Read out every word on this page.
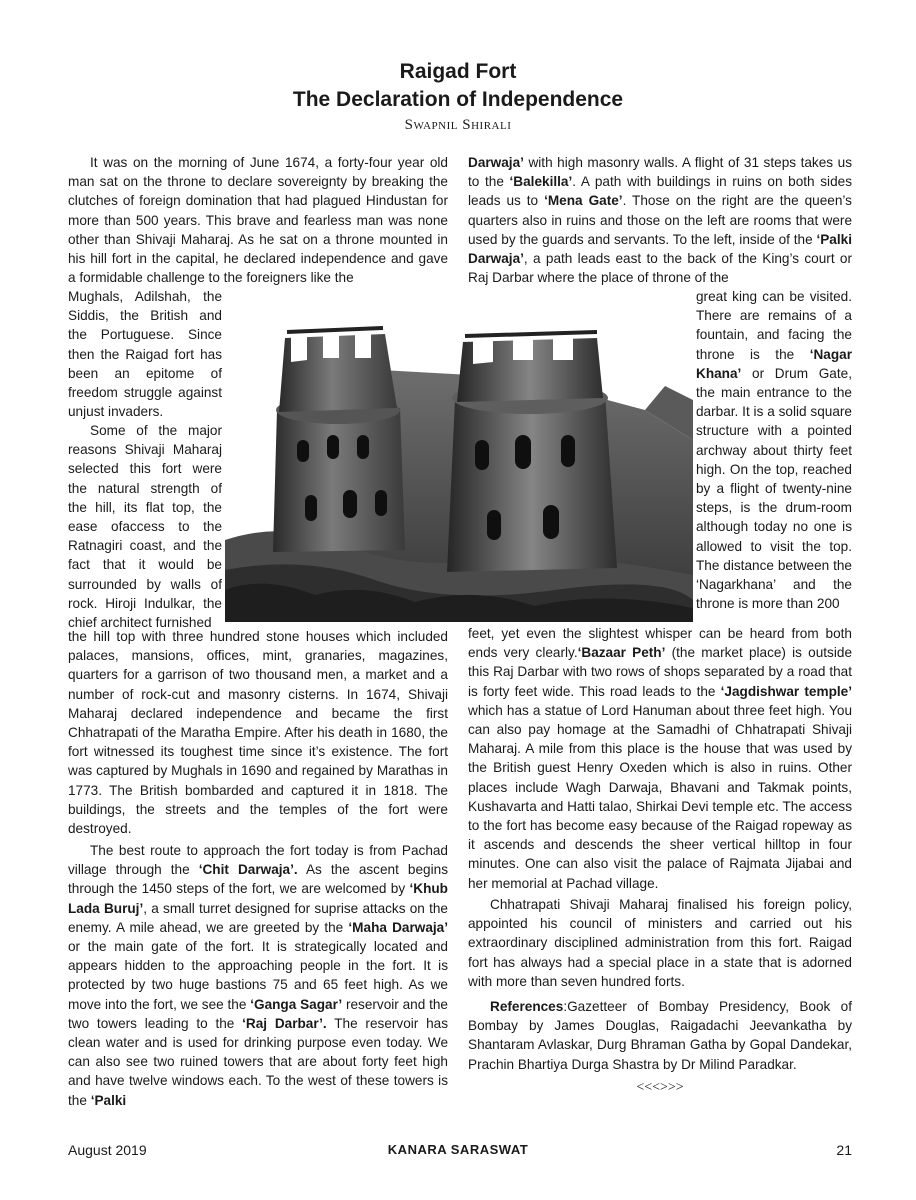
Raigad Fort
The Declaration of Independence
Swapnil Shirali

It was on the morning of June 1674, a forty-four year old man sat on the throne to declare sovereignty by breaking the clutches of foreign domination that had plagued Hindustan for more than 500 years. This brave and fearless man was none other than Shivaji Maharaj. As he sat on a throne mounted in his hill fort in the capital, he declared independence and gave a formidable challenge to the foreigners like the

Mughals, Adilshah, the Siddis, the British and the Portuguese. Since then the Raigad fort has been an epitome of freedom struggle against unjust invaders.

Some of the major reasons Shivaji Maharaj selected this fort were the natural strength of the hill, its flat top, the ease ofaccess to the Ratnagiri coast, and the fact that it would be surrounded by walls of rock. Hiroji Indulkar, the chief architect furnished

the hill top with three hundred stone houses which included palaces, mansions, offices, mint, granaries, magazines, quarters for a garrison of two thousand men, a market and a number of rock-cut and masonry cisterns. In 1674, Shivaji Maharaj declared independence and became the first Chhatrapati of the Maratha Empire. After his death in 1680, the fort witnessed its toughest time since it’s existence. The fort was captured by Mughals in 1690 and regained by Marathas in 1773. The British bombarded and captured it in 1818. The buildings, the streets and the temples of the fort were destroyed.

The best route to approach the fort today is from Pachad village through the ‘Chit Darwaja’. As the ascent begins through the 1450 steps of the fort, we are welcomed by ‘Khub Lada Buruj’, a small turret designed for suprise attacks on the enemy. A mile ahead, we are greeted by the ‘Maha Darwaja’ or the main gate of the fort. It is strategically located and appears hidden to the approaching people in the fort. It is protected by two huge bastions 75 and 65 feet high. As we move into the fort, we see the ‘Ganga Sagar’ reservoir and the two towers leading to the ‘Raj Darbar’. The reservoir has clean water and is used for drinking purpose even today. We can also see two ruined towers that are about forty feet high and have twelve windows each. To the west of these towers is the ‘Palki

Darwaja’ with high masonry walls. A flight of 31 steps takes us to the ‘Balekilla’. A path with buildings in ruins on both sides leads us to ‘Mena Gate’. Those on the right are the queen’s quarters also in ruins and those on the left are rooms that were used by the guards and servants. To the left, inside of the ‘Palki Darwaja’, a path leads east to the back of the King’s court or Raj Darbar where the place of throne of the

great king can be visited. There are remains of a fountain, and facing the throne is the ‘Nagar Khana’ or Drum Gate, the main entrance to the darbar. It is a solid square structure with a pointed archway about thirty feet high. On the top, reached by a flight of twenty-nine steps, is the drum-room although today no one is allowed to visit the top. The distance between the ‘Nagarkhana’ and the throne is more than 200

feet, yet even the slightest whisper can be heard from both ends very clearly.‘Bazaar Peth’ (the market place) is outside this Raj Darbar with two rows of shops separated by a road that is forty feet wide. This road leads to the ‘Jagdishwar temple’ which has a statue of Lord Hanuman about three feet high. You can also pay homage at the Samadhi of Chhatrapati Shivaji Maharaj. A mile from this place is the house that was used by the British guest Henry Oxeden which is also in ruins. Other places include Wagh Darwaja, Bhavani and Takmak points, Kushavarta and Hatti talao, Shirkai Devi temple etc. The access to the fort has become easy because of the Raigad ropeway as it ascends and descends the sheer vertical hilltop in four minutes. One can also visit the palace of Rajmata Jijabai and her memorial at Pachad village.

Chhatrapati Shivaji Maharaj finalised his foreign policy, appointed his council of ministers and carried out his extraordinary disciplined administration from this fort. Raigad fort has always had a special place in a state that is adorned with more than seven hundred forts.

References:Gazetteer of Bombay Presidency, Book of Bombay by James Douglas, Raigadachi Jeevankatha by Shantaram Avlaskar, Durg Bhraman Gatha by Gopal Dandekar, Prachin Bhartiya Durga Shastra by Dr Milind Paradkar.

<<<>>>
August 2019	KANARA SARASWAT	21
